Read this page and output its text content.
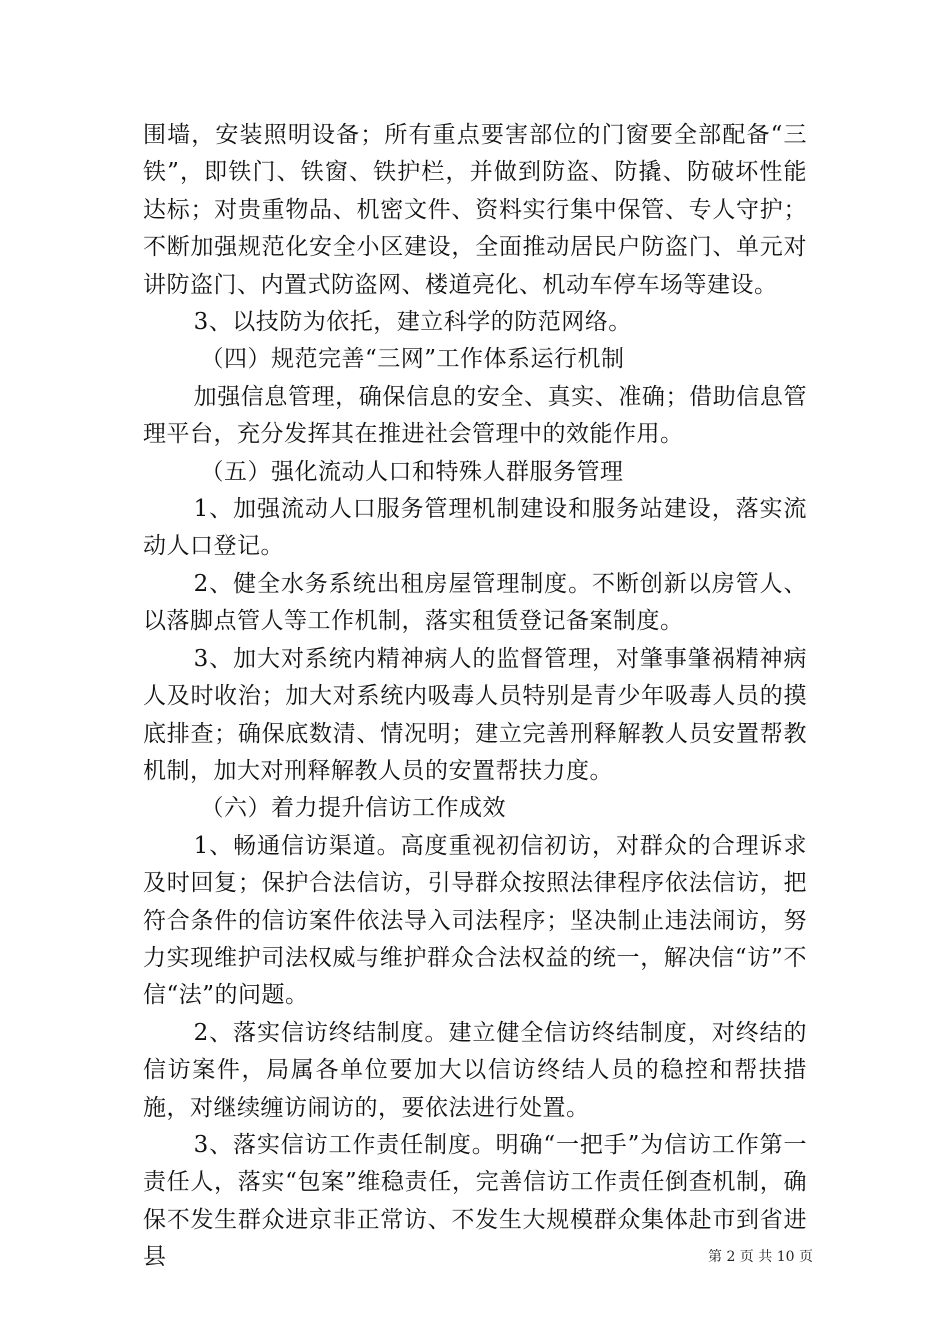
围墙，安装照明设备；所有重点要害部位的门窗要全部配备“三铁”，即铁门、铁窗、铁护栏，并做到防盗、防撬、防破坏性能达标；对贵重物品、机密文件、资料实行集中保管、专人守护；不断加强规范化安全小区建设，全面推动居民户防盗门、单元对讲防盗门、内置式防盗网、楼道亮化、机动车停车场等建设。

3、以技防为依托，建立科学的防范网络。

（四）规范完善“三网”工作体系运行机制

加强信息管理，确保信息的安全、真实、准确；借助信息管理平台，充分发挥其在推进社会管理中的效能作用。

（五）强化流动人口和特殊人群服务管理

1、加强流动人口服务管理机制建设和服务站建设，落实流动人口登记。

2、健全水务系统出租房屋管理制度。不断创新以房管人、以落脚点管人等工作机制，落实租赁登记备案制度。

3、加大对系统内精神病人的监督管理，对肇事肇祸精神病人及时收治；加大对系统内吸毒人员特别是青少年吸毒人员的摸底排查；确保底数清、情况明；建立完善刑释解教人员安置帮教机制，加大对刑释解教人员的安置帮扶力度。

（六）着力提升信访工作成效

1、畅通信访渠道。高度重视初信初访，对群众的合理诉求及时回复；保护合法信访，引导群众按照法律程序依法信访，把符合条件的信访案件依法导入司法程序；坚决制止违法闹访，努力实现维护司法权威与维护群众合法权益的统一，解决信“访”不信“法”的问题。

2、落实信访终结制度。建立健全信访终结制度，对终结的信访案件，局属各单位要加大以信访终结人员的稳控和帮扶措施，对继续缠访闹访的，要依法进行处置。

3、落实信访工作责任制度。明确“一把手”为信访工作第一责任人，落实“包案”维稳责任，完善信访工作责任倒查机制，确保不发生群众进京非正常访、不发生大规模群众集体赴市到省进县	第 2 页 共 10 页
